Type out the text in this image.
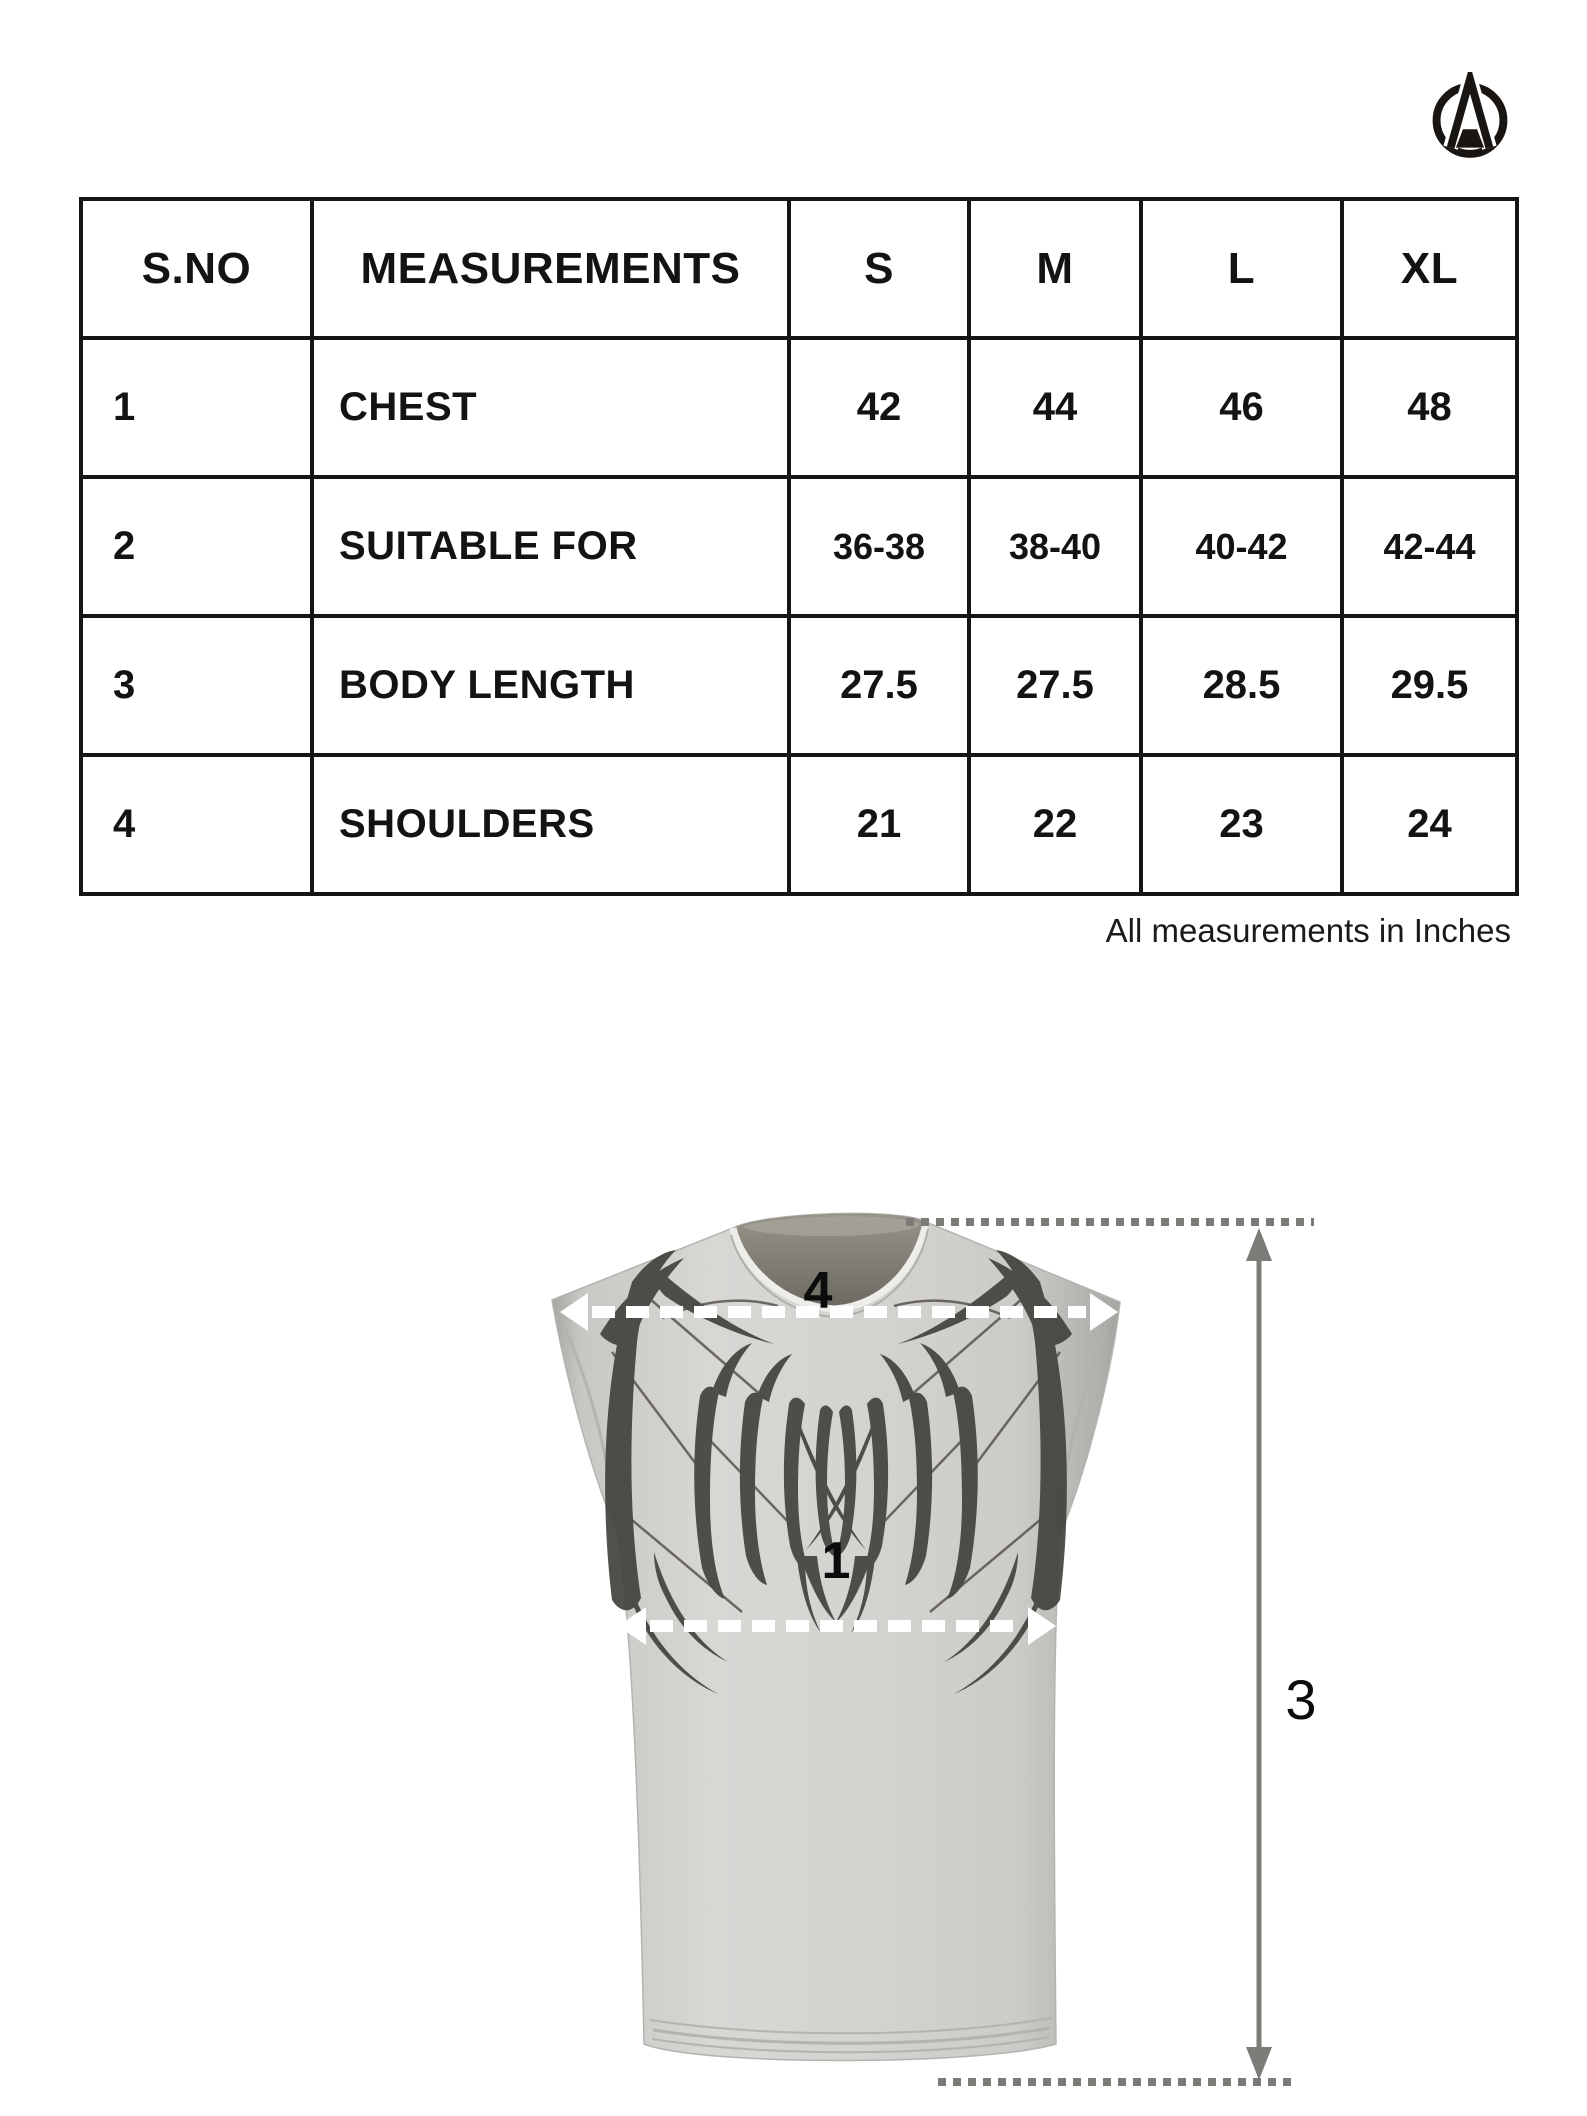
S.NO	MEASUREMENTS	S	M	L	XL
1	CHEST	42	44	46	48
2	SUITABLE FOR	36-38	38-40	40-42	42-44
3	BODY LENGTH	27.5	27.5	28.5	29.5
4	SHOULDERS	21	22	23	24
All measurements in Inches
4
1
3
